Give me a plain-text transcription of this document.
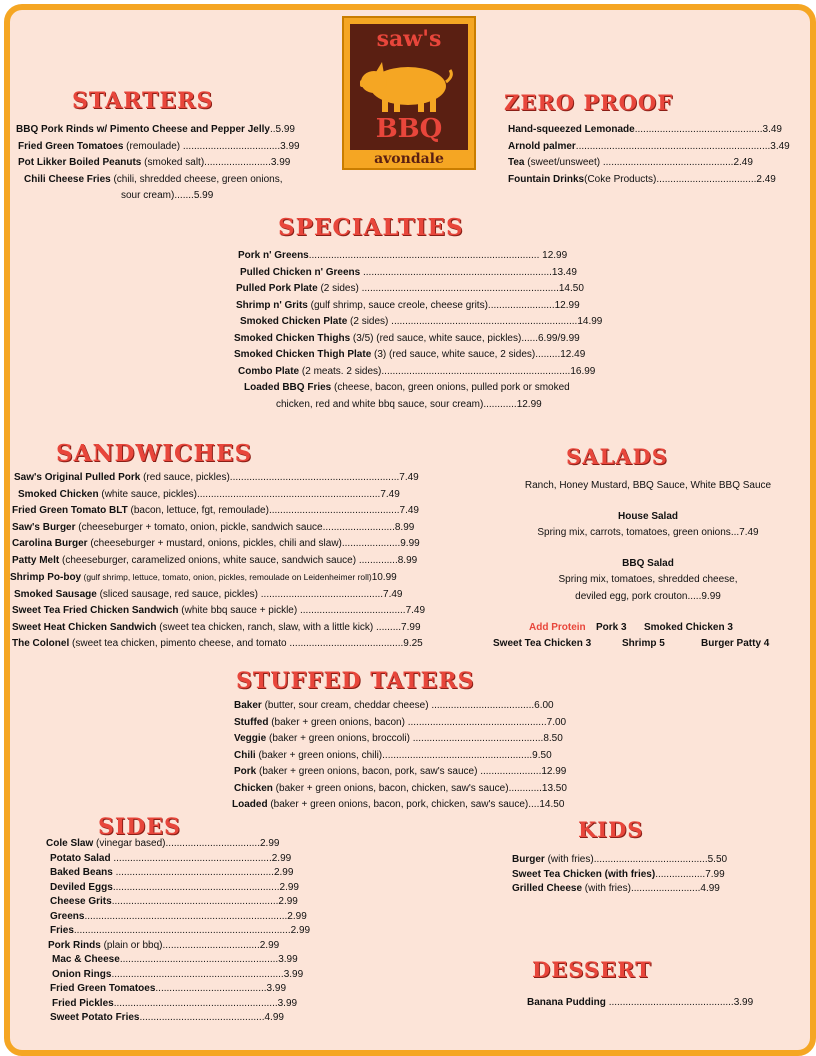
saw's
BBQ
avondale
STARTERS
BBQ Pork Rinds w/ Pimento Cheese and Pepper Jelly..5.99
Fried Green Tomatoes (remoulade) ...................................3.99
Pot Likker Boiled Peanuts (smoked salt)........................3.99
Chili Cheese Fries (chili, shredded cheese, green onions,
sour cream).......5.99
ZERO PROOF
Hand-squeezed Lemonade..............................................3.49
Arnold palmer......................................................................3.49
Tea (sweet/unsweet) ...............................................2.49
Fountain Drinks(Coke Products)....................................2.49
SPECIALTIES
Pork n' Greens................................................................................... 12.99
Pulled Chicken n' Greens ....................................................................13.49
Pulled Pork Plate (2 sides) .......................................................................14.50
Shrimp n' Grits (gulf shrimp, sauce creole, cheese grits)........................12.99
Smoked Chicken Plate (2 sides) ...................................................................14.99
Smoked Chicken Thighs (3/5) (red sauce, white sauce, pickles)......6.99/9.99
Smoked Chicken Thigh Plate (3) (red sauce, white sauce, 2 sides).........12.49
Combo Plate (2 meats. 2 sides)....................................................................16.99
Loaded BBQ Fries (cheese, bacon, green onions, pulled pork or smoked
chicken, red and white bbq sauce, sour cream)............12.99
SANDWICHES
Saw's Original Pulled Pork (red sauce, pickles).............................................................7.49
Smoked Chicken (white sauce, pickles)..................................................................7.49
Fried Green Tomato BLT (bacon, lettuce, fgt, remoulade)...............................................7.49
Saw's Burger (cheeseburger + tomato, onion, pickle, sandwich sauce..........................8.99
Carolina Burger (cheeseburger + mustard, onions, pickles, chili and slaw).....................9.99
Patty Melt (cheeseburger, caramelized onions, white sauce, sandwich sauce) ..............8.99
Shrimp Po-boy (gulf shrimp, lettuce, tomato, onion, pickles, remoulade on Leidenheimer roll)10.99
Smoked Sausage (sliced sausage, red sauce, pickles) ............................................7.49
Sweet Tea Fried Chicken Sandwich (white bbq sauce + pickle) ......................................7.49
Sweet Heat Chicken Sandwich (sweet tea chicken, ranch, slaw, with a little kick) .........7.99
The Colonel (sweet tea chicken, pimento cheese, and tomato .........................................9.25
SALADS
Ranch, Honey Mustard, BBQ Sauce, White BBQ Sauce
House Salad
Spring mix, carrots, tomatoes, green onions...7.49
BBQ Salad
Spring mix, tomatoes, shredded cheese,
deviled egg, pork crouton.....9.99
Add Protein Pork 3 Smoked Chicken 3
Sweet Tea Chicken 3	Shrimp 5	Burger Patty 4
STUFFED TATERS
Baker (butter, sour cream, cheddar cheese) .....................................6.00
Stuffed (baker + green onions, bacon) ..................................................7.00
Veggie (baker + green onions, broccoli) ...............................................8.50
Chili (baker + green onions, chili)......................................................9.50
Pork (baker + green onions, bacon, pork, saw's sauce) ......................12.99
Chicken (baker + green onions, bacon, chicken, saw's sauce)............13.50
Loaded (baker + green onions, bacon, pork, chicken, saw's sauce)....14.50
SIDES
Cole Slaw (vinegar based)..................................2.99
Potato Salad .........................................................2.99
Baked Beans .........................................................2.99
Deviled Eggs............................................................2.99
Cheese Grits............................................................2.99
Greens.........................................................................2.99
Fries..............................................................................2.99
Pork Rinds (plain or bbq)...................................2.99
Mac & Cheese.........................................................3.99
Onion Rings..............................................................3.99
Fried Green Tomatoes........................................3.99
Fried Pickles...........................................................3.99
Sweet Potato Fries.............................................4.99
KIDS
Burger (with fries).........................................5.50
Sweet Tea Chicken (with fries)..................7.99
Grilled Cheese (with fries).........................4.99
DESSERT
Banana Pudding .............................................3.99
